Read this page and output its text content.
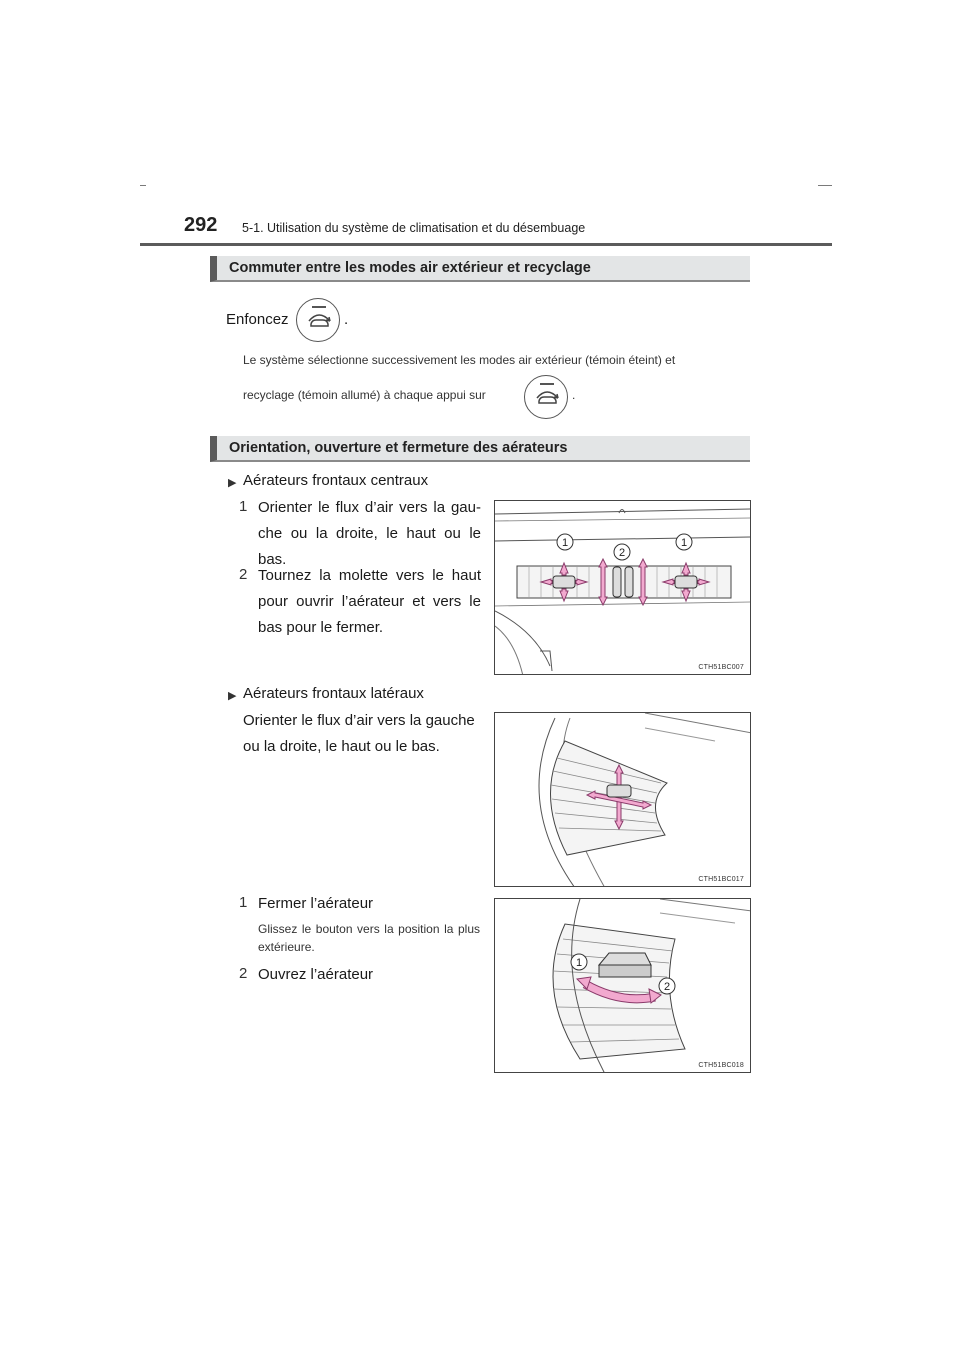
292 5-1. Utilisation du système de climatisation et du désembuage
Commuter entre les modes air extérieur et recyclage
Enfoncez	.
Le système sélectionne successivement les modes air extérieur (témoin éteint) et
recyclage (témoin allumé) à chaque appui sur	.
Orientation, ouverture et fermeture des aérateurs
▶ Aérateurs frontaux centraux
1 Orienter le flux d’air vers la gau- che ou la droite, le haut ou le bas.
2 Tournez la molette vers le haut pour ouvrir l’aérateur et vers le bas pour le fermer.
1
2
1
CTH51BC007
▶ Aérateurs frontaux latéraux
Orienter le flux d’air vers la gauche ou la droite, le haut ou le bas.
CTH51BC017
1 Fermer l’aérateur
Glissez le bouton vers la position la plus extérieure.
2 Ouvrez l’aérateur
1
2
CTH51BC018
